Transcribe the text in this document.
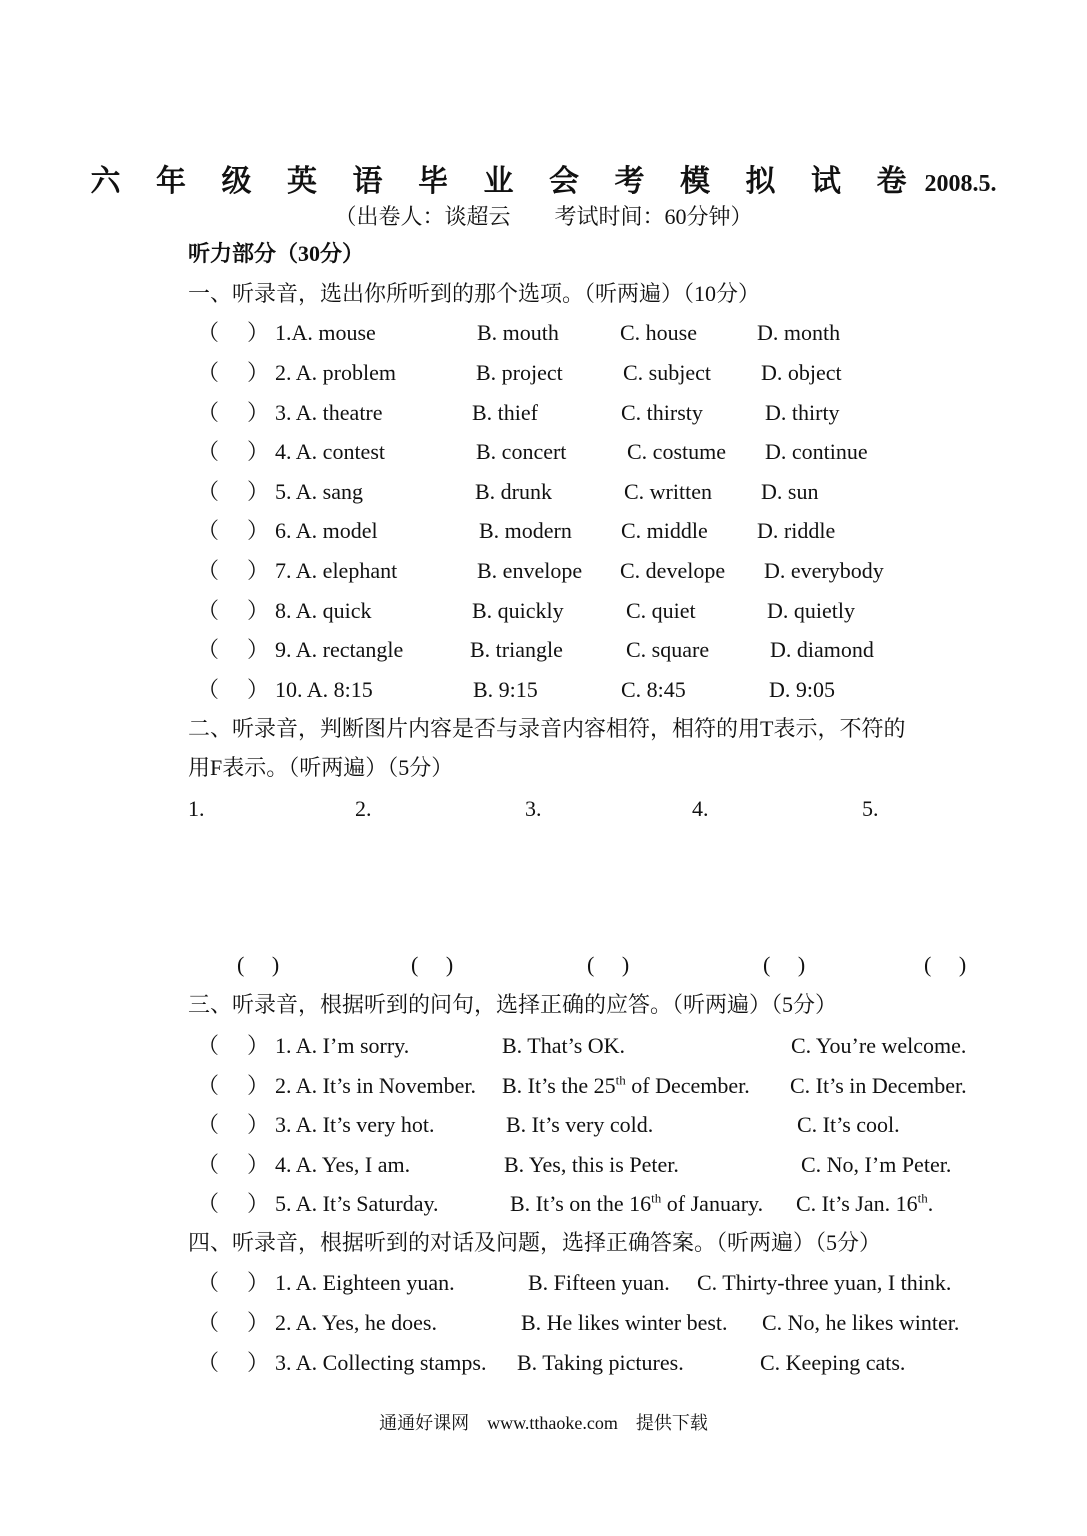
六 年 级 英 语 毕 业 会 考 模 拟 试 卷 2008.5.
（出卷人：谈超云　　考试时间：60分钟）
听力部分（30分）
一、听录音，选出你所听到的那个选项。（听两遍）（10分）
（ ） 1.A. mouse	B. mouth	C. house	D. month
（ ） 2. A. problem	B. project	C. subject D. object
（ ） 3. A. theatre	B. thief	C. thirsty	D. thirty
（ ） 4. A. contest	B. concert	C. costume D. continue
（ ） 5. A. sang	B. drunk	C. written D. sun
（ ） 6. A. model	B. modern C. middle D. riddle
（ ） 7. A. elephant	B. envelope C. develope D. everybody
（ ） 8. A. quick	B. quickly	C. quiet	D. quietly
（ ） 9. A. rectangle	B. triangle	C. square	D. diamond
（ ） 10. A. 8:15	B. 9:15	C. 8:45	D. 9:05
二、听录音，判断图片内容是否与录音内容相符，相符的用T表示，不符的
用F表示。（听两遍）（5分）
1.
(　 )
2.
(　 )
3.
(　 )
4.
(　 )
5.
(　 )
三、听录音，根据听到的问句，选择正确的应答。（听两遍）（5分）
（ ） 1. A. I’m sorry.	B. That’s OK.	C. You’re welcome.
（ ） 2. A. It’s in November. B. It’s the 25th of December. C. It’s in December.
（ ） 3. A. It’s very hot.	B. It’s very cold.	C. It’s cool.
（ ） 4. A. Yes, I am.	B. Yes, this is Peter.	C. No, I’m Peter.
（ ） 5. A. It’s Saturday.	B. It’s on the 16th of January. C. It’s Jan. 16th.
四、听录音，根据听到的对话及问题，选择正确答案。（听两遍）（5分）
（ ） 1. A. Eighteen yuan.	B. Fifteen yuan. C. Thirty-three yuan, I think.
（ ） 2. A. Yes, he does.	B. He likes winter best. C. No, he likes winter.
（ ） 3. A. Collecting stamps. B. Taking pictures.	C. Keeping cats.
通通好课网　www.tthaoke.com　提供下载
